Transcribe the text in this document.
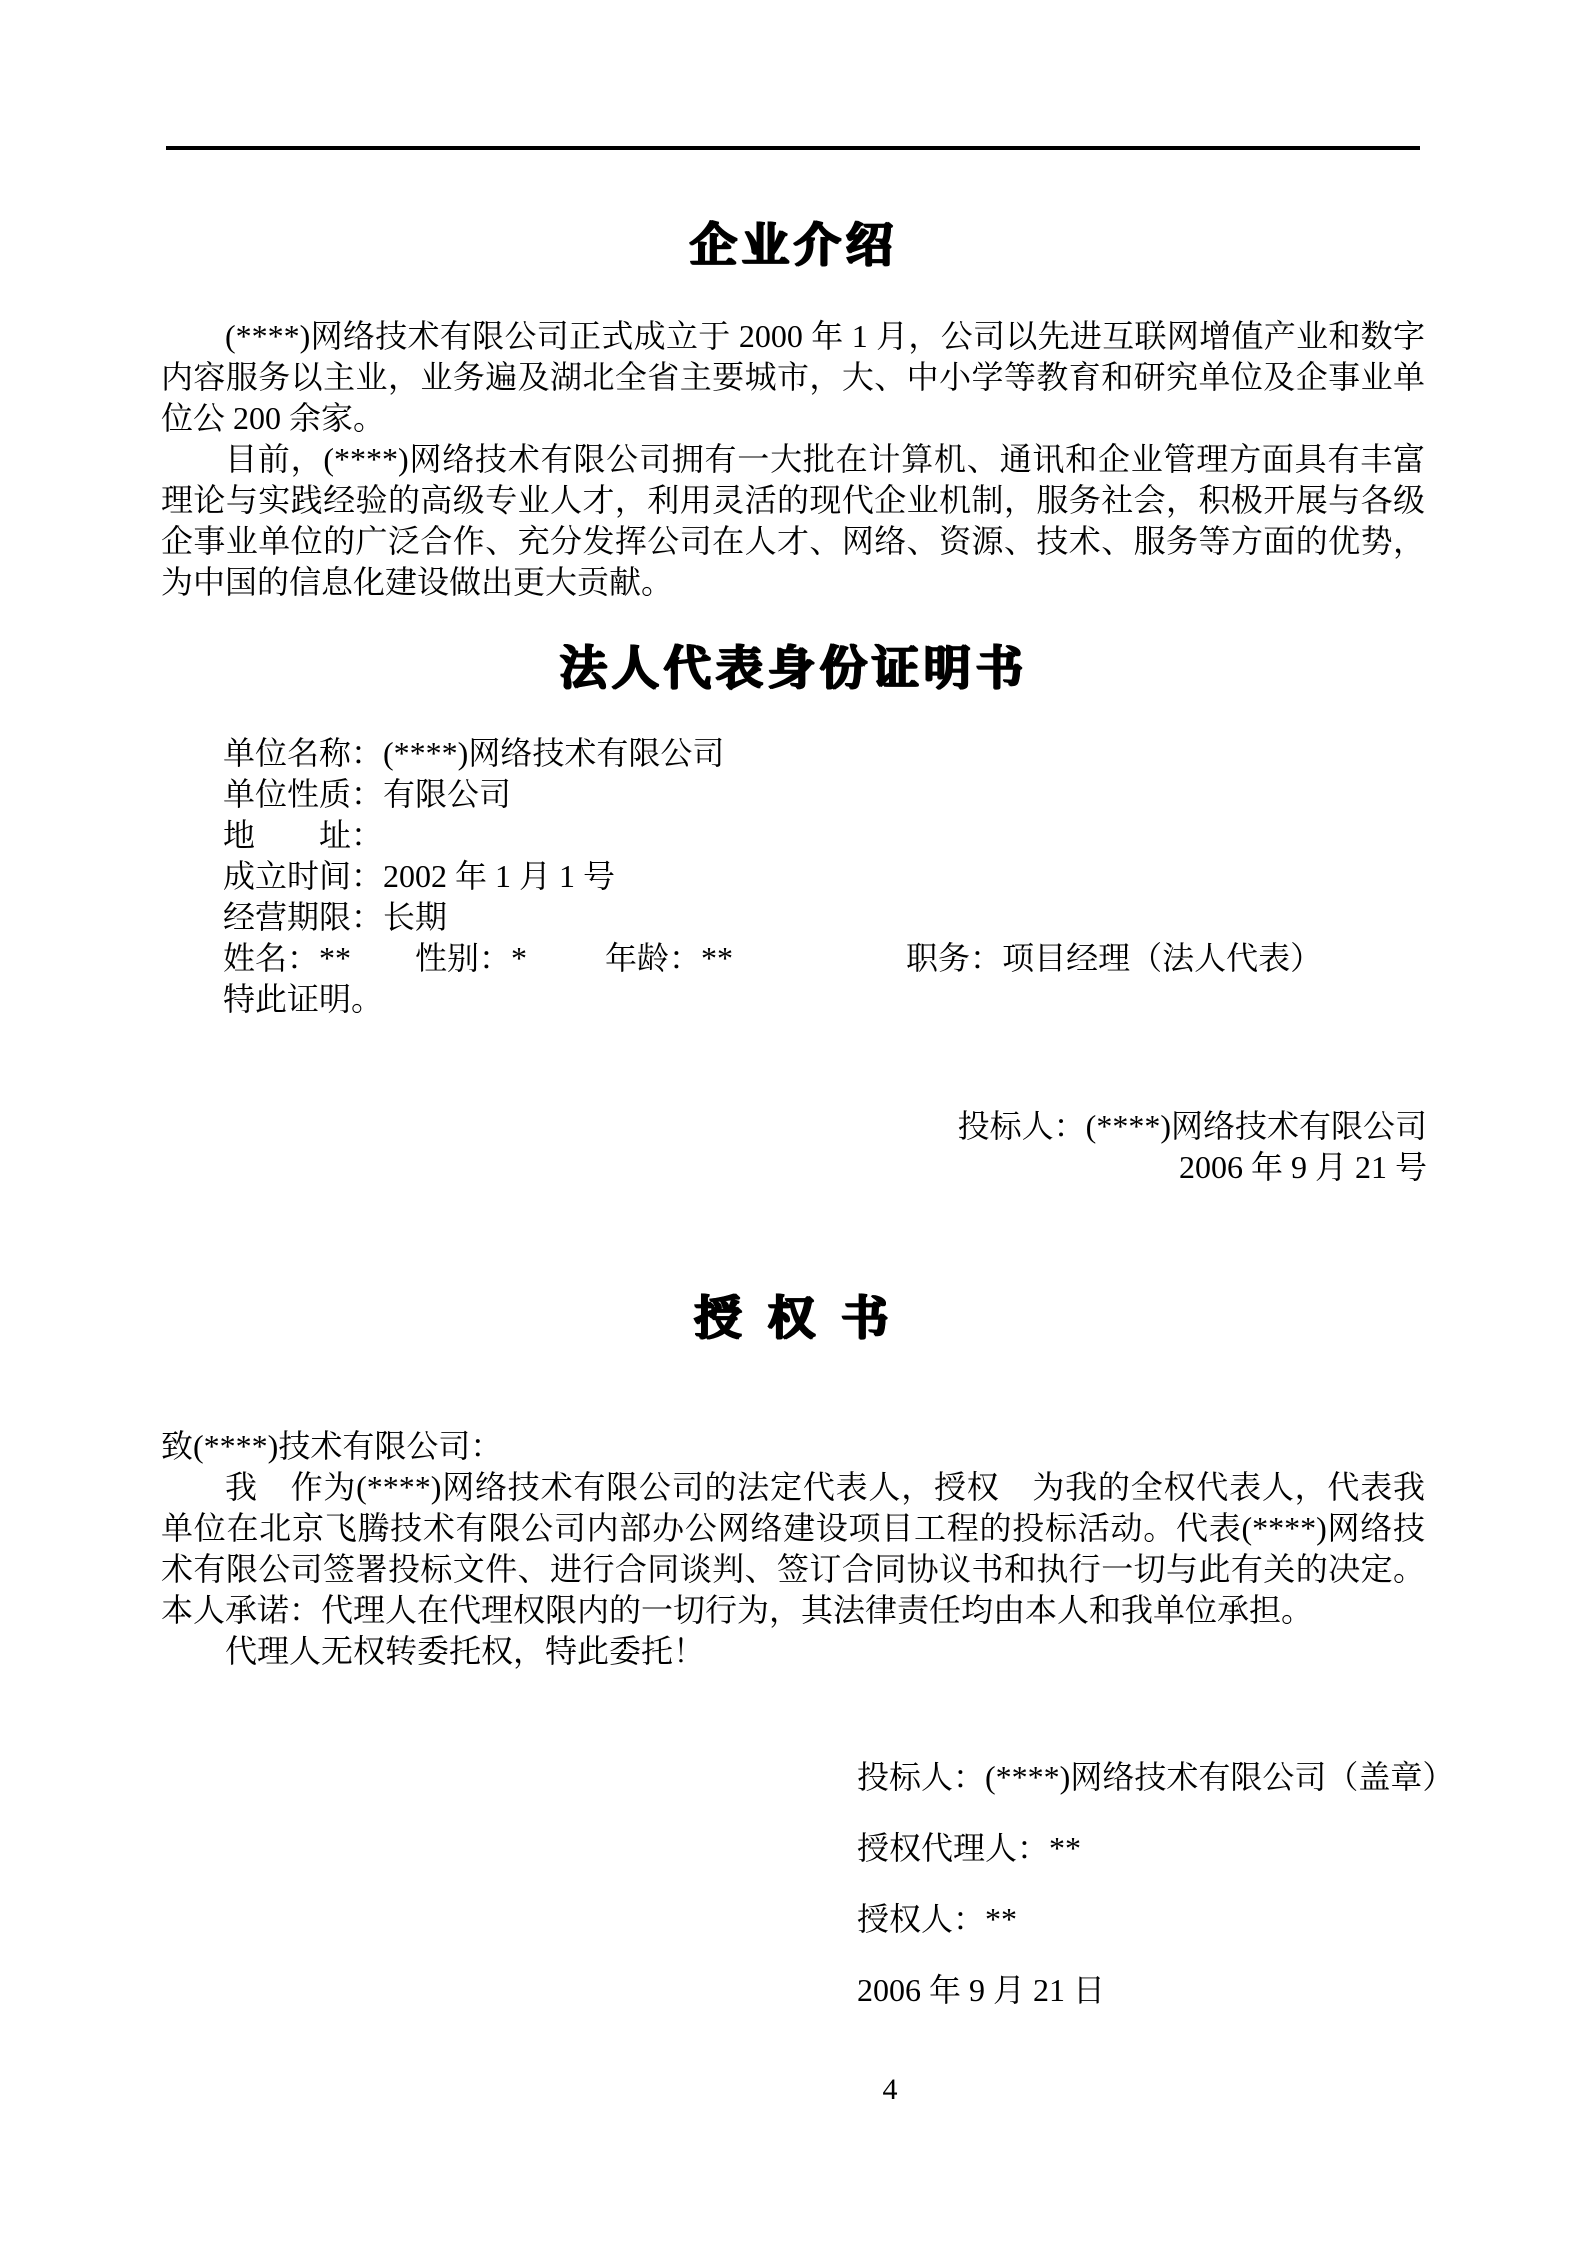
企业介绍

(****)网络技术有限公司正式成立于 2000 年 1 月，公司以先进互联网增值产业和数字内容服务以主业，业务遍及湖北全省主要城市，大、中小学等教育和研究单位及企事业单位公 200 余家。

目前，(****)网络技术有限公司拥有一大批在计算机、通讯和企业管理方面具有丰富理论与实践经验的高级专业人才，利用灵活的现代企业机制，服务社会，积极开展与各级企事业单位的广泛合作、充分发挥公司在人才、网络、资源、技术、服务等方面的优势，为中国的信息化建设做出更大贡献。

法人代表身份证明书
单位名称：(****)网络技术有限公司
单位性质：有限公司
地　　址：
成立时间：2002 年 1 月 1 号
经营期限：长期
姓名：** 性别：* 年龄：**	职务：项目经理（法人代表）
特此证明。
投标人：(****)网络技术有限公司
2006 年 9 月 21 号
授 权 书

致(****)技术有限公司：

我　作为(****)网络技术有限公司的法定代表人，授权　为我的全权代表人，代表我单位在北京飞腾技术有限公司内部办公网络建设项目工程的投标活动。代表(****)网络技术有限公司签署投标文件、进行合同谈判、签订合同协议书和执行一切与此有关的决定。本人承诺：代理人在代理权限内的一切行为，其法律责任均由本人和我单位承担。

代理人无权转委托权，特此委托！

投标人：(****)网络技术有限公司（盖章）
授权代理人：**
授权人：**
2006 年 9 月 21 日
4
